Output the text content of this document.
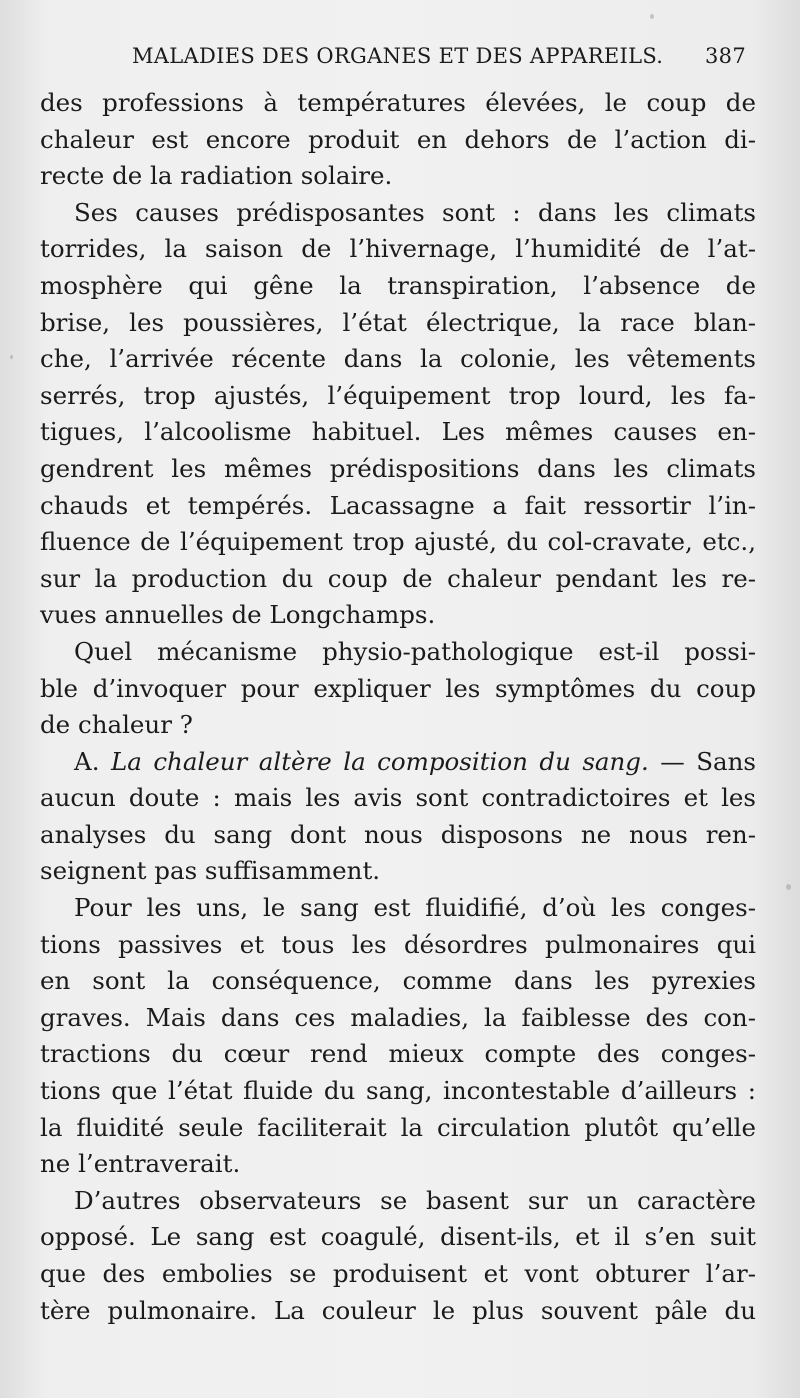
MALADIES DES ORGANES ET DES APPAREILS. 387
des professions à températures élevées, le coup de
chaleur est encore produit en dehors de l’action di-
recte de la radiation solaire.
Ses causes prédisposantes sont : dans les climats
torrides, la saison de l’hivernage, l’humidité de l’at-
mosphère qui gêne la transpiration, l’absence de
brise, les poussières, l’état électrique, la race blan-
che, l’arrivée récente dans la colonie, les vêtements
serrés, trop ajustés, l’équipement trop lourd, les fa-
tigues, l’alcoolisme habituel. Les mêmes causes en-
gendrent les mêmes prédispositions dans les climats
chauds et tempérés. Lacassagne a fait ressortir l’in-
fluence de l’équipement trop ajusté, du col-cravate, etc.,
sur la production du coup de chaleur pendant les re-
vues annuelles de Longchamps.
Quel mécanisme physio-pathologique est-il possi-
ble d’invoquer pour expliquer les symptômes du coup
de chaleur ?
A. La chaleur altère la composition du sang. — Sans
aucun doute : mais les avis sont contradictoires et les
analyses du sang dont nous disposons ne nous ren-
seignent pas suffisamment.
Pour les uns, le sang est fluidifié, d’où les conges-
tions passives et tous les désordres pulmonaires qui
en sont la conséquence, comme dans les pyrexies
graves. Mais dans ces maladies, la faiblesse des con-
tractions du cœur rend mieux compte des conges-
tions que l’état fluide du sang, incontestable d’ailleurs :
la fluidité seule faciliterait la circulation plutôt qu’elle
ne l’entraverait.
D’autres observateurs se basent sur un caractère
opposé. Le sang est coagulé, disent-ils, et il s’en suit
que des embolies se produisent et vont obturer l’ar-
tère pulmonaire. La couleur le plus souvent pâle du
